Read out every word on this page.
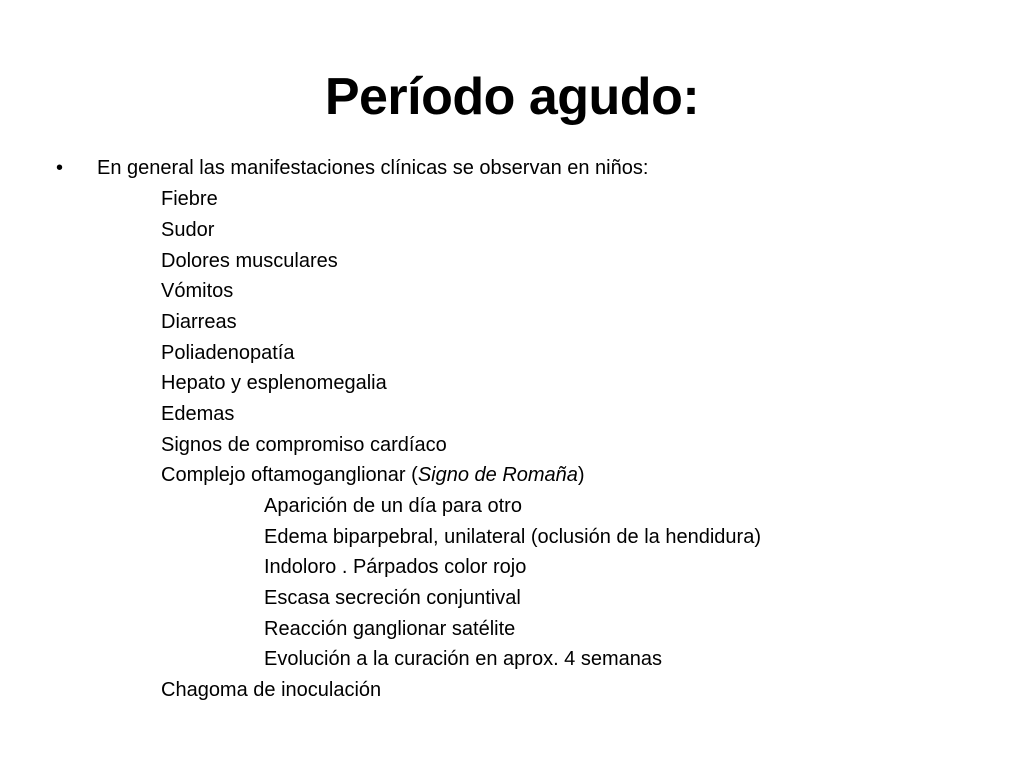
Período agudo:
• En general las manifestaciones clínicas se observan en niños:
Fiebre
Sudor
Dolores musculares
Vómitos
Diarreas
Poliadenopatía
Hepato y esplenomegalia
Edemas
Signos de compromiso cardíaco
Complejo oftamoganglionar (Signo de Romaña)
Aparición de un día para otro
Edema biparpebral, unilateral (oclusión de la hendidura)
Indoloro . Párpados color rojo
Escasa secreción conjuntival
Reacción ganglionar satélite
Evolución a la curación en aprox. 4 semanas
Chagoma de inoculación
